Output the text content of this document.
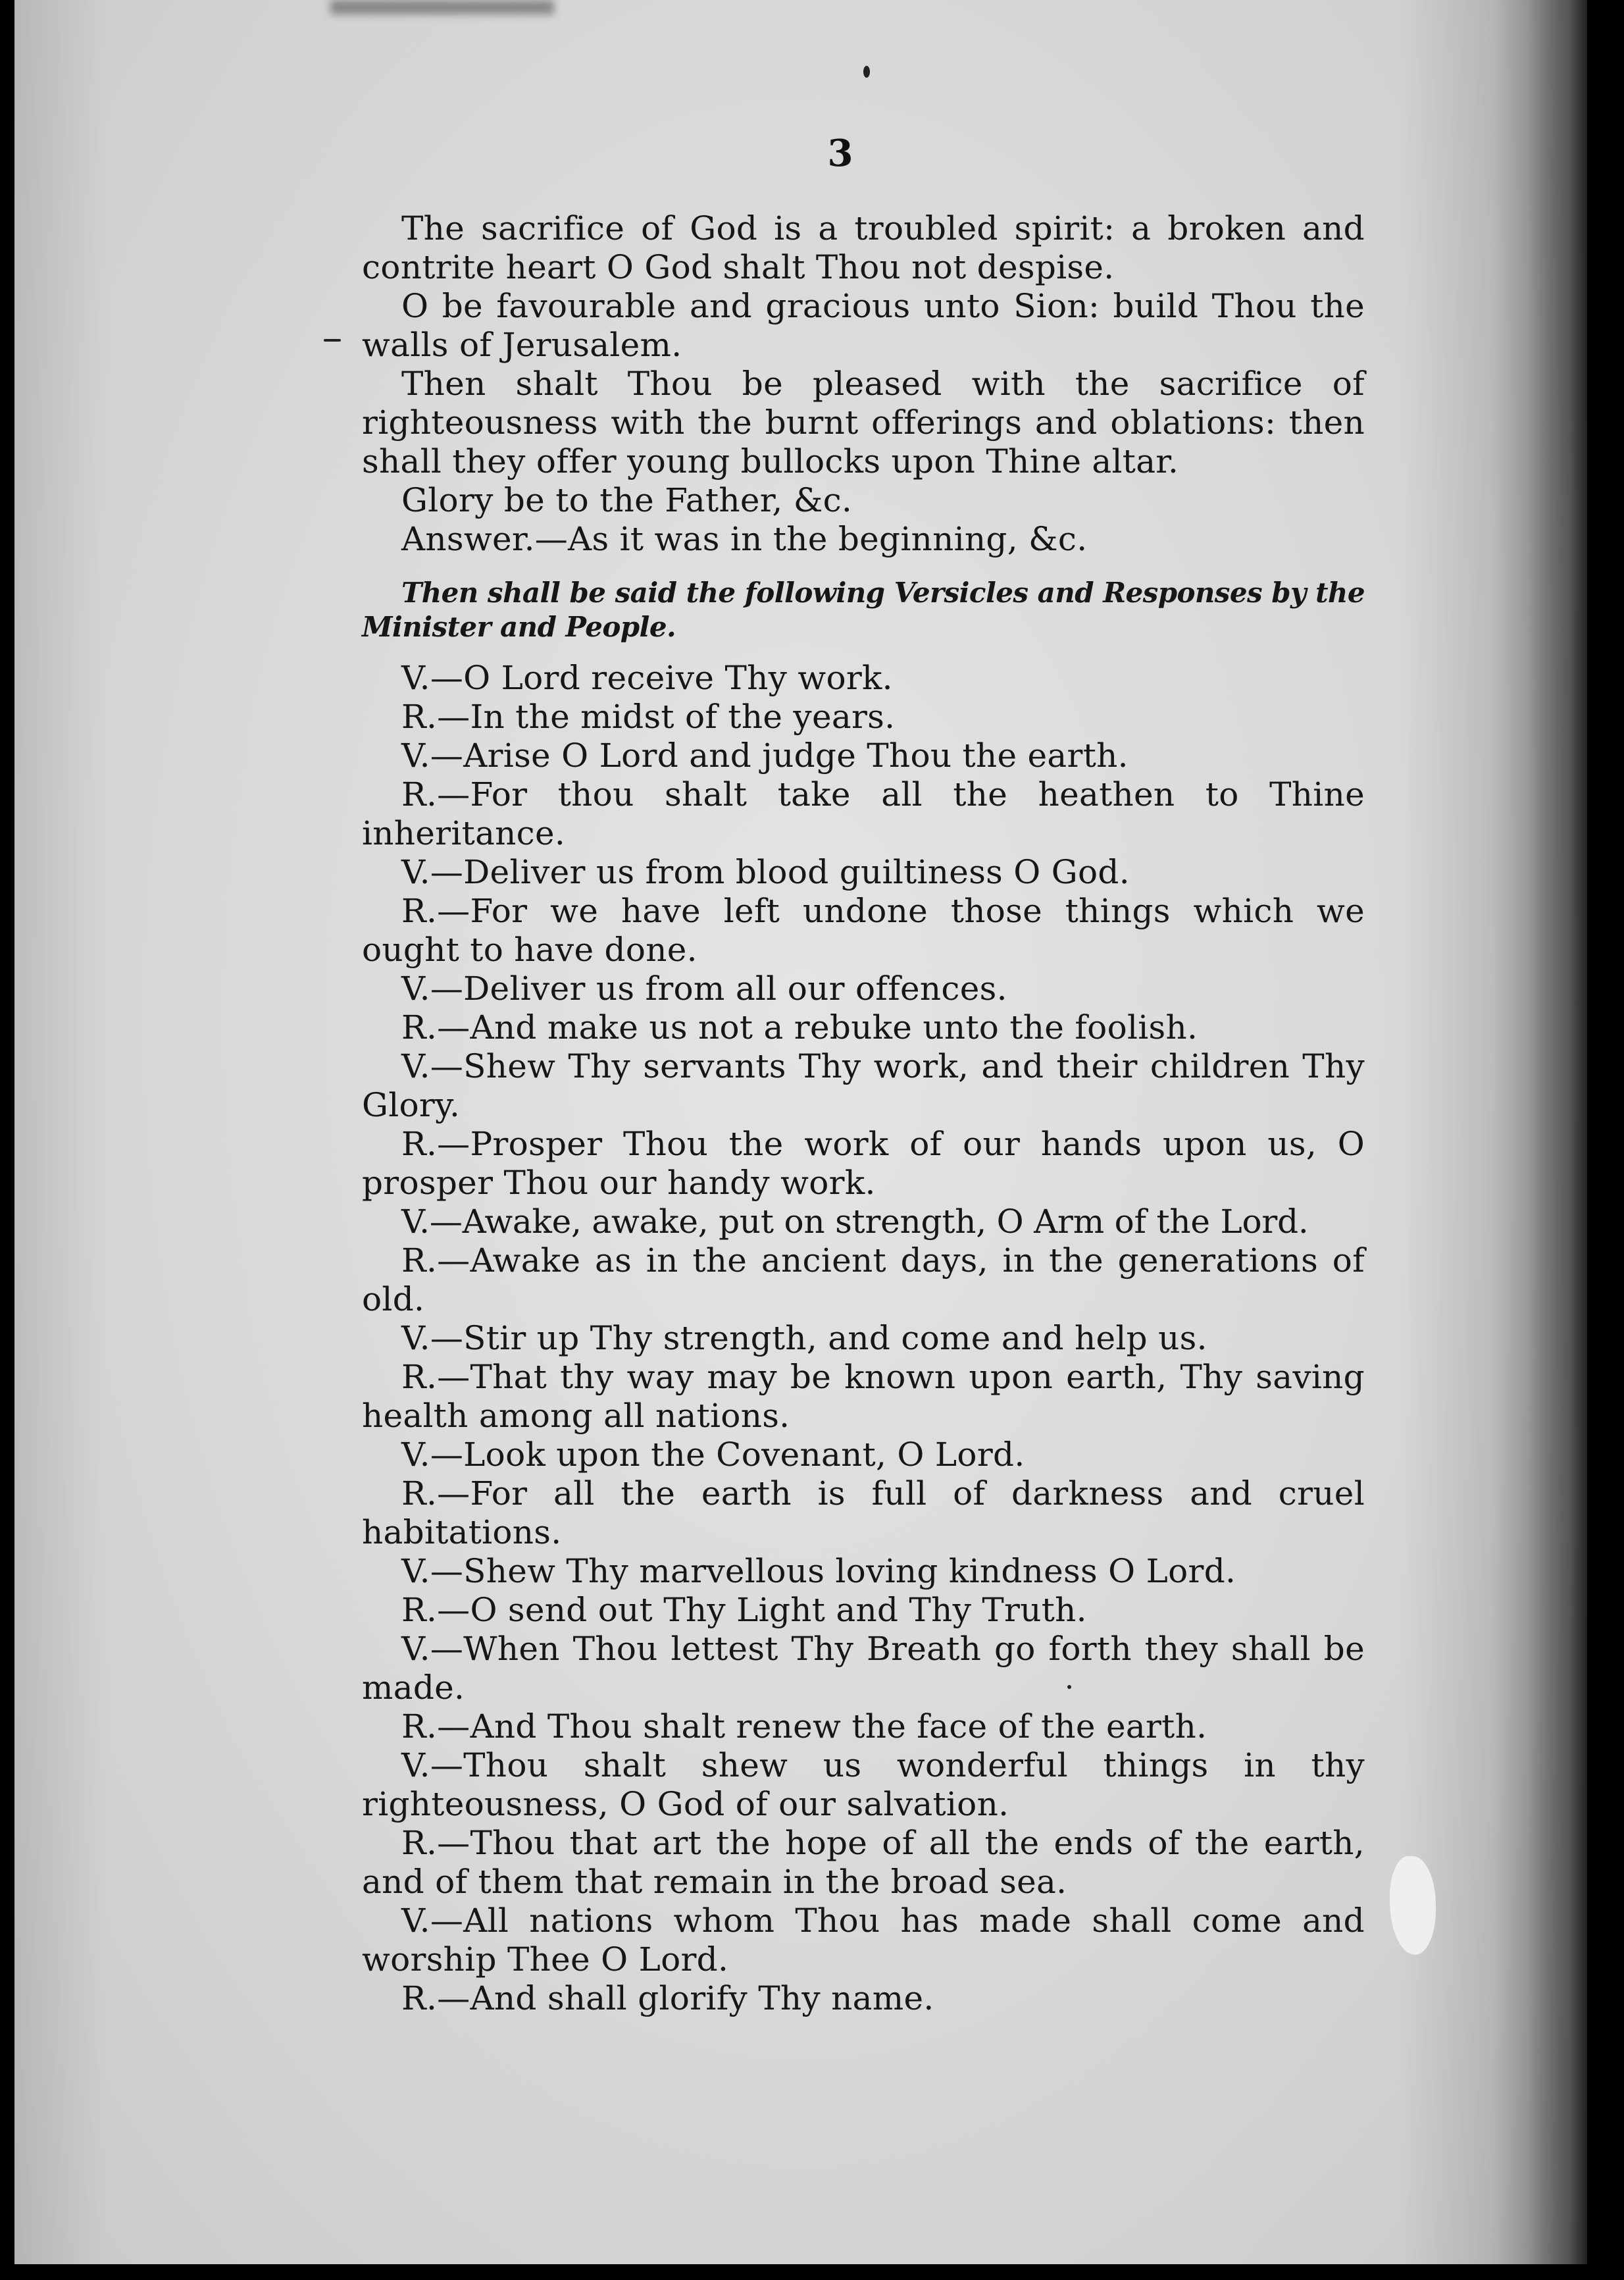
3

The sacrifice of God is a troubled spirit: a broken and contrite heart O God shalt Thou not despise.

O be favourable and gracious unto Sion: build Thou the walls of Jerusalem.

Then shalt Thou be pleased with the sacrifice of righteousness with the burnt offerings and oblations: then shall they offer young bullocks upon Thine altar.

Glory be to the Father, &c.

Answer.—As it was in the beginning, &c.

Then shall be said the following Versicles and Responses by the Minister and People.

V.—O Lord receive Thy work.

R.—In the midst of the years.

V.—Arise O Lord and judge Thou the earth.

R.—For thou shalt take all the heathen to Thine inheritance.

V.—Deliver us from blood guiltiness O God.

R.—For we have left undone those things which we ought to have done.

V.—Deliver us from all our offences.

R.—And make us not a rebuke unto the foolish.

V.—Shew Thy servants Thy work, and their children Thy Glory.

R.—Prosper Thou the work of our hands upon us, O prosper Thou our handy work.

V.—Awake, awake, put on strength, O Arm of the Lord.

R.—Awake as in the ancient days, in the generations of old.

V.—Stir up Thy strength, and come and help us.

R.—That thy way may be known upon earth, Thy saving health among all nations.

V.—Look upon the Covenant, O Lord.

R.—For all the earth is full of darkness and cruel habitations.

V.—Shew Thy marvellous loving kindness O Lord.

R.—O send out Thy Light and Thy Truth.

V.—When Thou lettest Thy Breath go forth they shall be made.

R.—And Thou shalt renew the face of the earth.

V.—Thou shalt shew us wonderful things in thy righteousness, O God of our salvation.

R.—Thou that art the hope of all the ends of the earth, and of them that remain in the broad sea.

V.—All nations whom Thou has made shall come and worship Thee O Lord.

R.—And shall glorify Thy name.
